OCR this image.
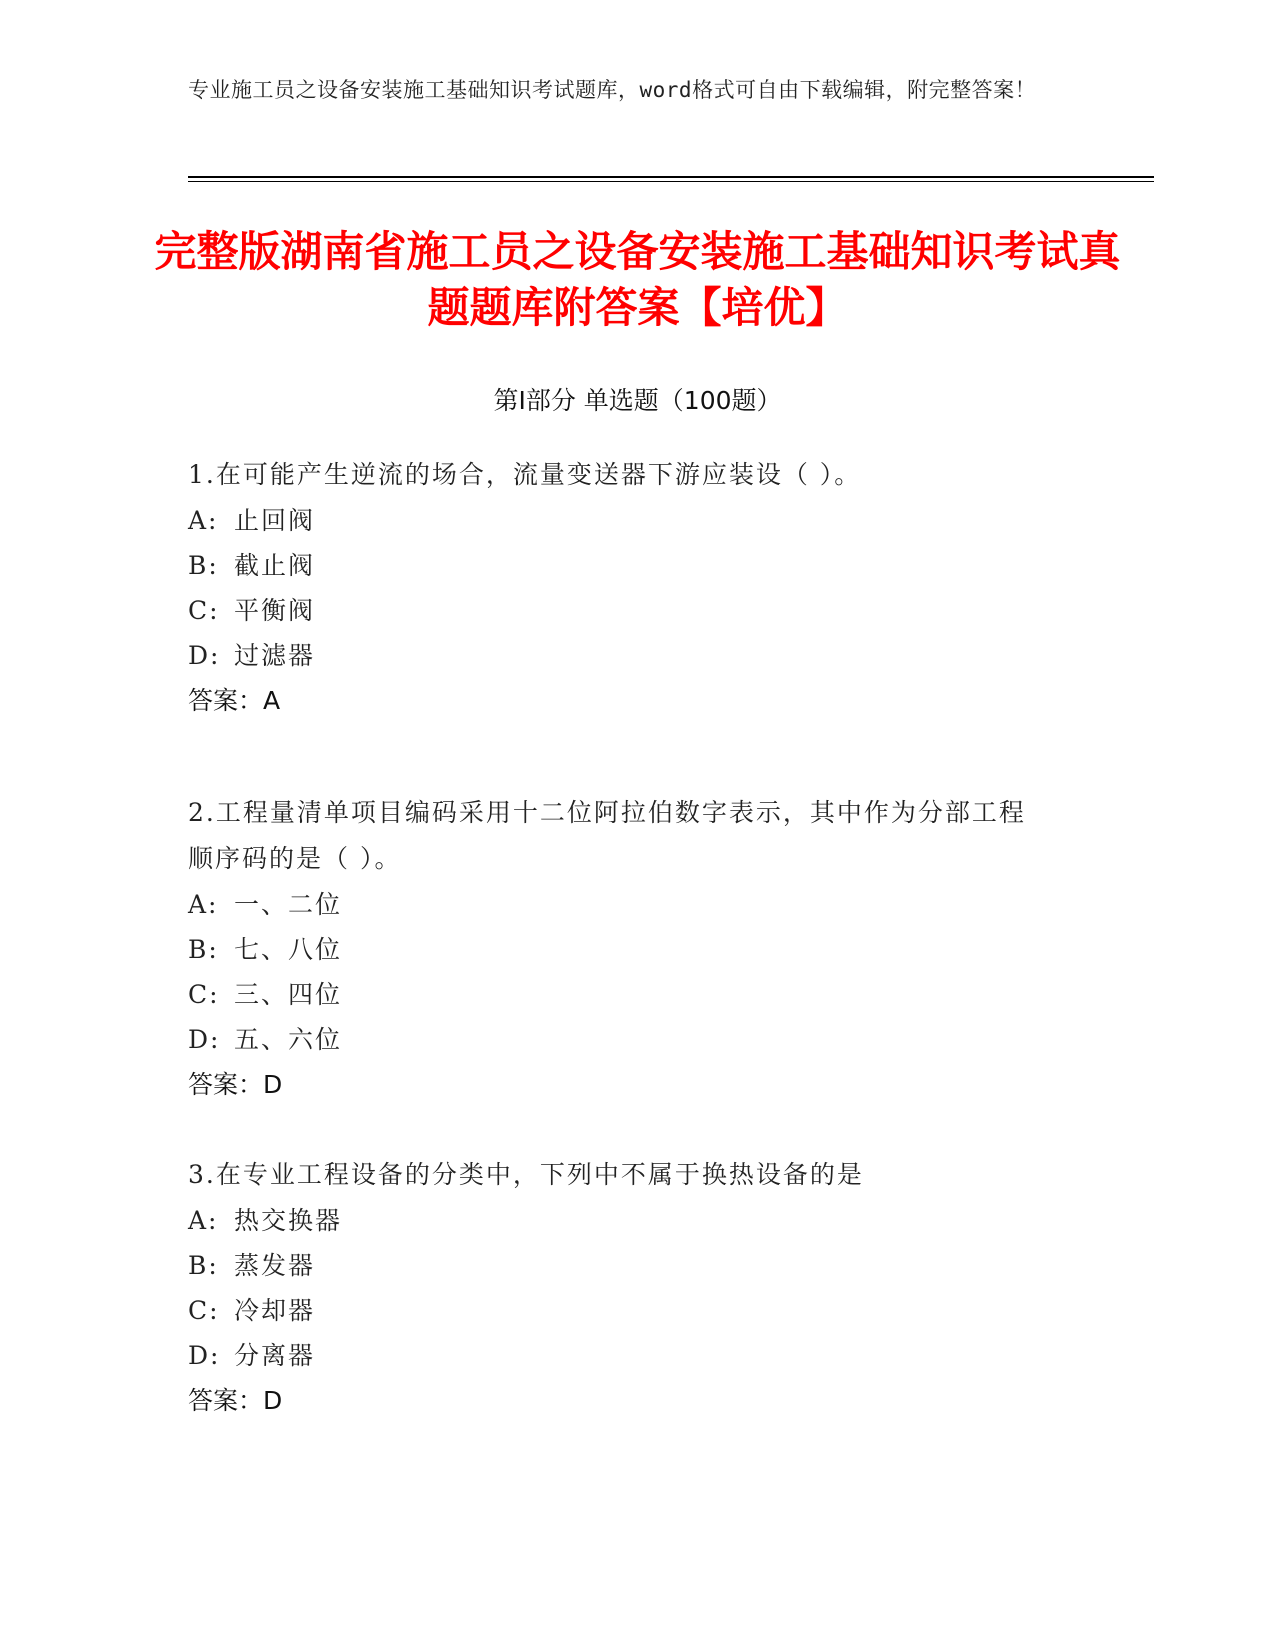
专业施工员之设备安装施工基础知识考试题库，word格式可自由下载编辑，附完整答案！
完整版湖南省施工员之设备安装施工基础知识考试真题题库附答案【培优】
第Ⅰ部分 单选题（100题）

1.在可能产生逆流的场合，流量变送器下游应装设（ ）。

A: 止回阀

B: 截止阀

C: 平衡阀

D: 过滤器

答案：A

2.工程量清单项目编码采用十二位阿拉伯数字表示，其中作为分部工程顺序码的是（ ）。

A: 一、二位

B: 七、八位

C: 三、四位

D: 五、六位

答案：D

3.在专业工程设备的分类中，下列中不属于换热设备的是

A: 热交换器

B: 蒸发器

C: 冷却器

D: 分离器

答案：D
